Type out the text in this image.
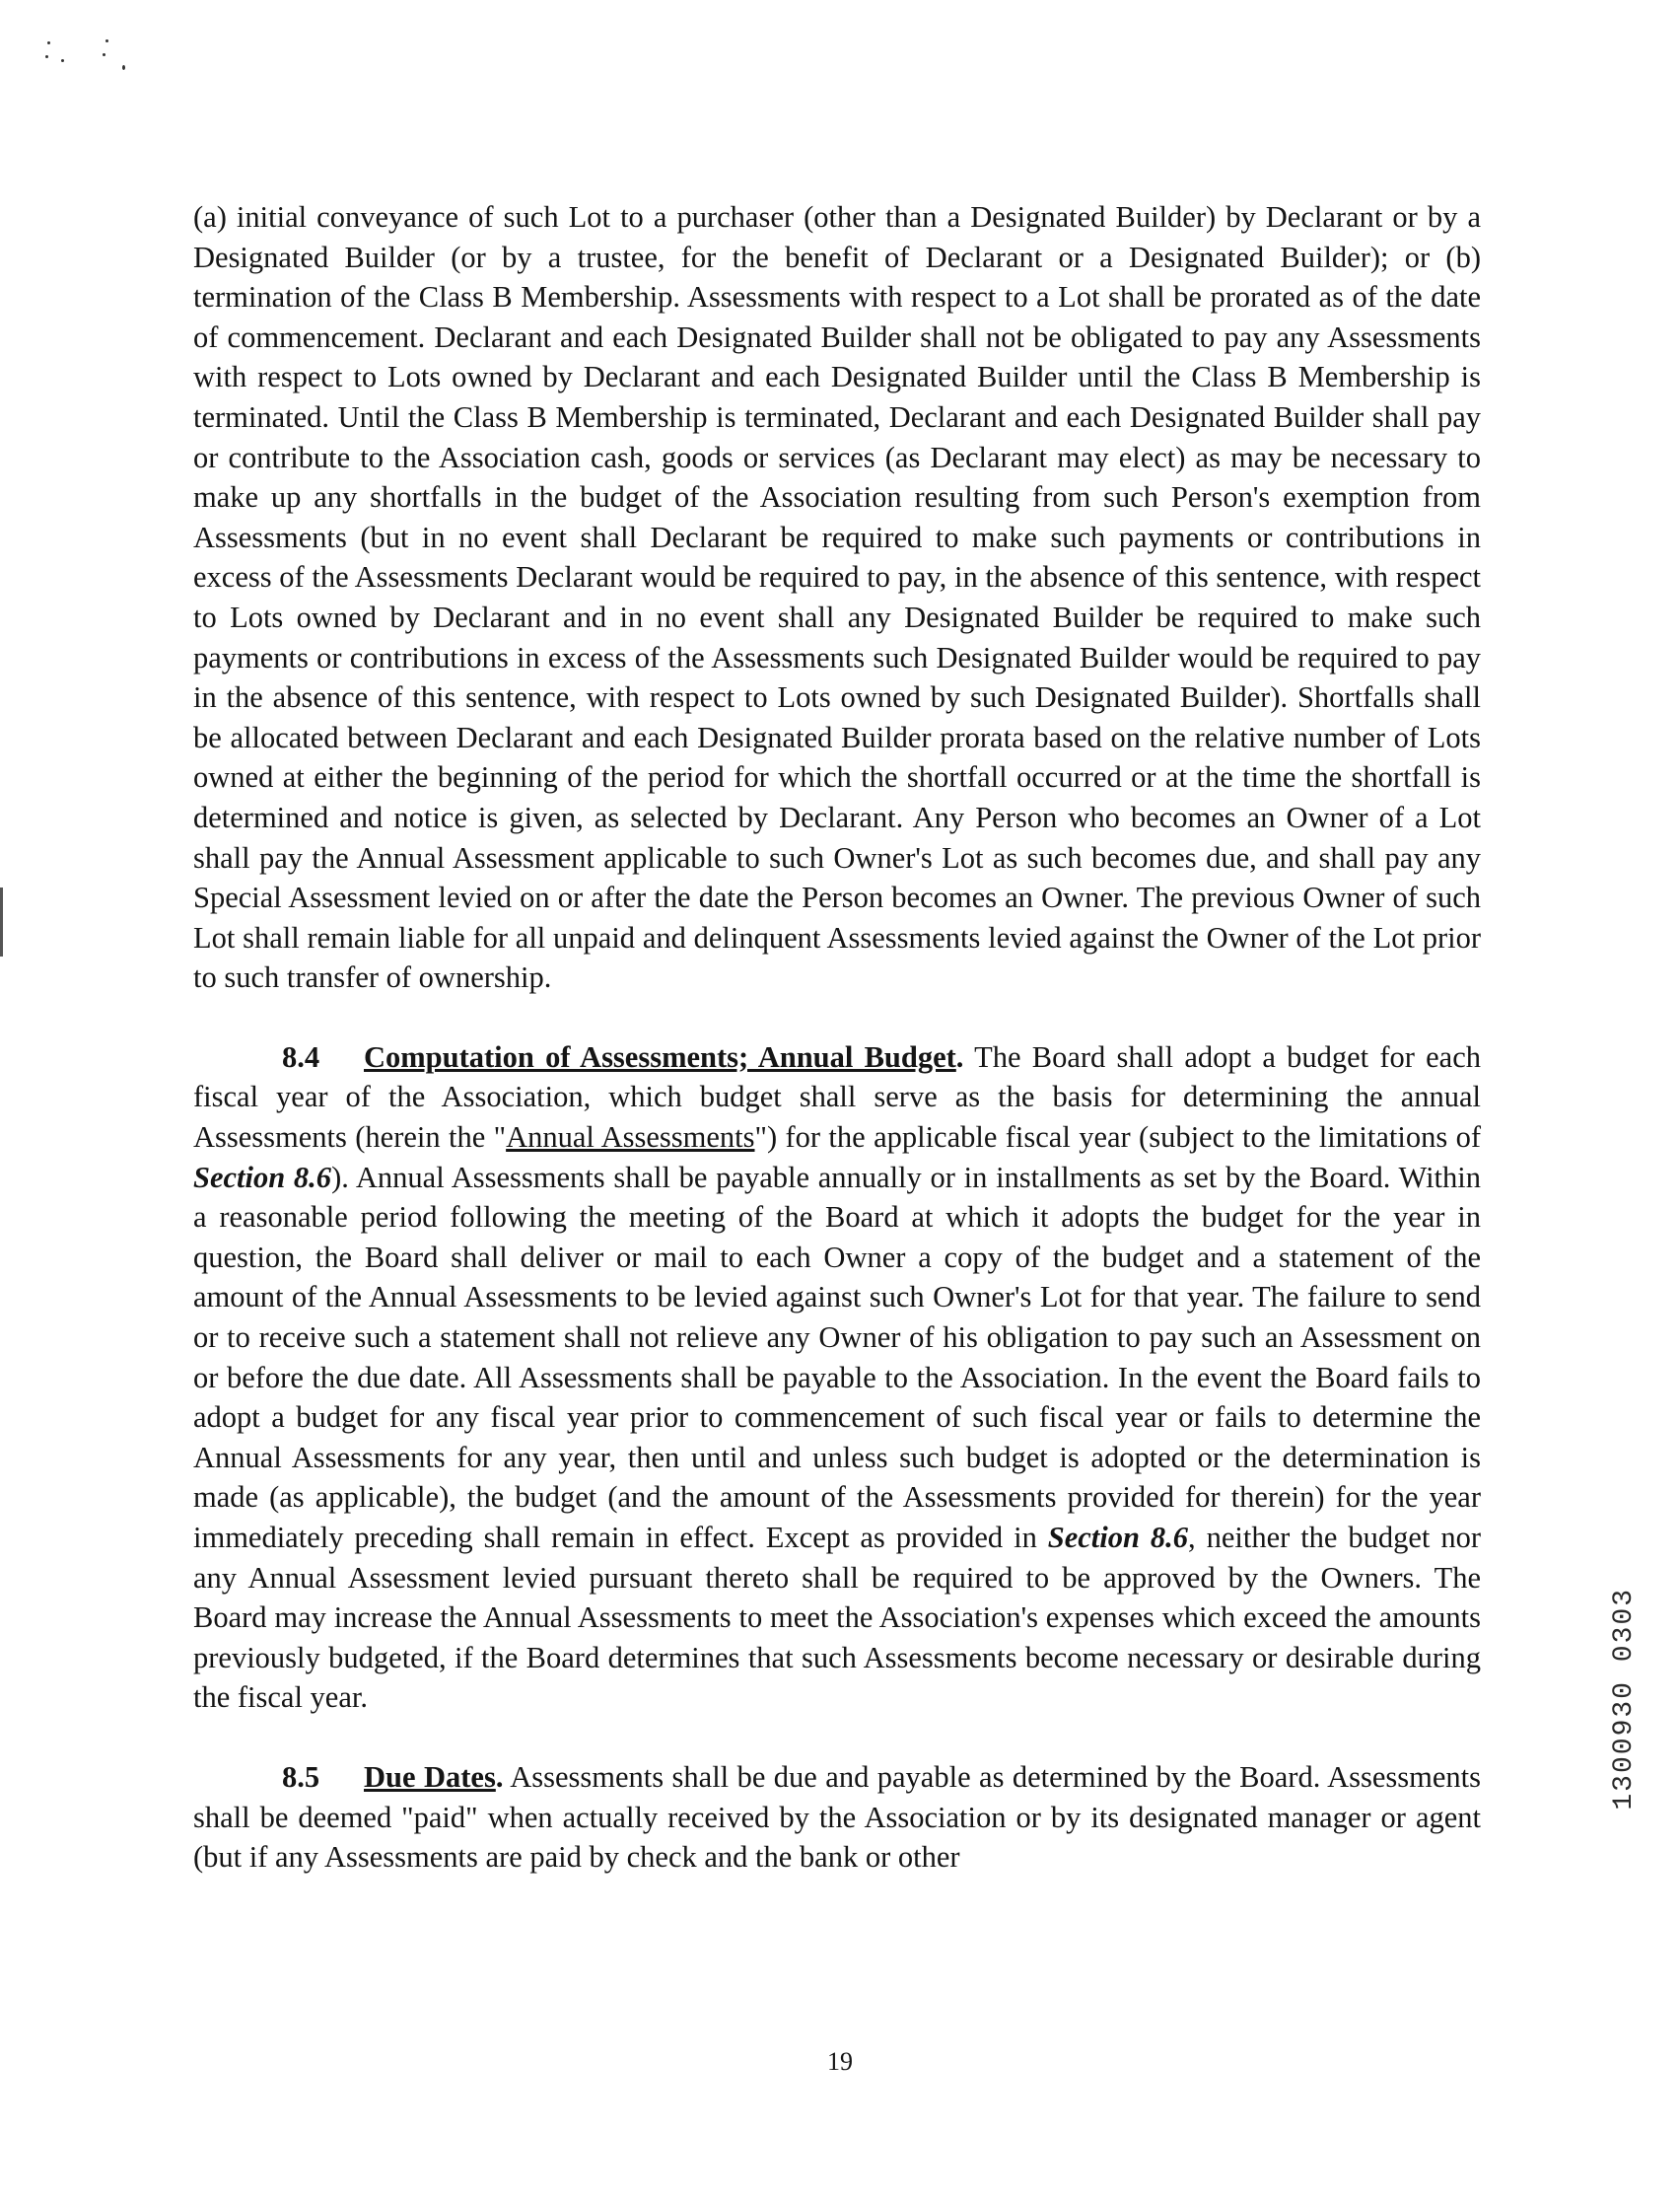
(a) initial conveyance of such Lot to a purchaser (other than a Designated Builder) by Declarant or by a Designated Builder (or by a trustee, for the benefit of Declarant or a Designated Builder); or (b) termination of the Class B Membership. Assessments with respect to a Lot shall be prorated as of the date of commencement. Declarant and each Designated Builder shall not be obligated to pay any Assessments with respect to Lots owned by Declarant and each Designated Builder until the Class B Membership is terminated. Until the Class B Membership is terminated, Declarant and each Designated Builder shall pay or contribute to the Association cash, goods or services (as Declarant may elect) as may be necessary to make up any shortfalls in the budget of the Association resulting from such Person's exemption from Assessments (but in no event shall Declarant be required to make such payments or contributions in excess of the Assessments Declarant would be required to pay, in the absence of this sentence, with respect to Lots owned by Declarant and in no event shall any Designated Builder be required to make such payments or contributions in excess of the Assessments such Designated Builder would be required to pay in the absence of this sentence, with respect to Lots owned by such Designated Builder). Shortfalls shall be allocated between Declarant and each Designated Builder prorata based on the relative number of Lots owned at either the beginning of the period for which the shortfall occurred or at the time the shortfall is determined and notice is given, as selected by Declarant. Any Person who becomes an Owner of a Lot shall pay the Annual Assessment applicable to such Owner's Lot as such becomes due, and shall pay any Special Assessment levied on or after the date the Person becomes an Owner. The previous Owner of such Lot shall remain liable for all unpaid and delinquent Assessments levied against the Owner of the Lot prior to such transfer of ownership.

8.4 Computation of Assessments; Annual Budget. The Board shall adopt a budget for each fiscal year of the Association, which budget shall serve as the basis for determining the annual Assessments (herein the "Annual Assessments") for the applicable fiscal year (subject to the limitations of Section 8.6). Annual Assessments shall be payable annually or in installments as set by the Board. Within a reasonable period following the meeting of the Board at which it adopts the budget for the year in question, the Board shall deliver or mail to each Owner a copy of the budget and a statement of the amount of the Annual Assessments to be levied against such Owner's Lot for that year. The failure to send or to receive such a statement shall not relieve any Owner of his obligation to pay such an Assessment on or before the due date. All Assessments shall be payable to the Association. In the event the Board fails to adopt a budget for any fiscal year prior to commencement of such fiscal year or fails to determine the Annual Assessments for any year, then until and unless such budget is adopted or the determination is made (as applicable), the budget (and the amount of the Assessments provided for therein) for the year immediately preceding shall remain in effect. Except as provided in Section 8.6, neither the budget nor any Annual Assessment levied pursuant thereto shall be required to be approved by the Owners. The Board may increase the Annual Assessments to meet the Association's expenses which exceed the amounts previously budgeted, if the Board determines that such Assessments become necessary or desirable during the fiscal year.

8.5 Due Dates. Assessments shall be due and payable as determined by the Board. Assessments shall be deemed "paid" when actually received by the Association or by its designated manager or agent (but if any Assessments are paid by check and the bank or other

1300930 0303
19
